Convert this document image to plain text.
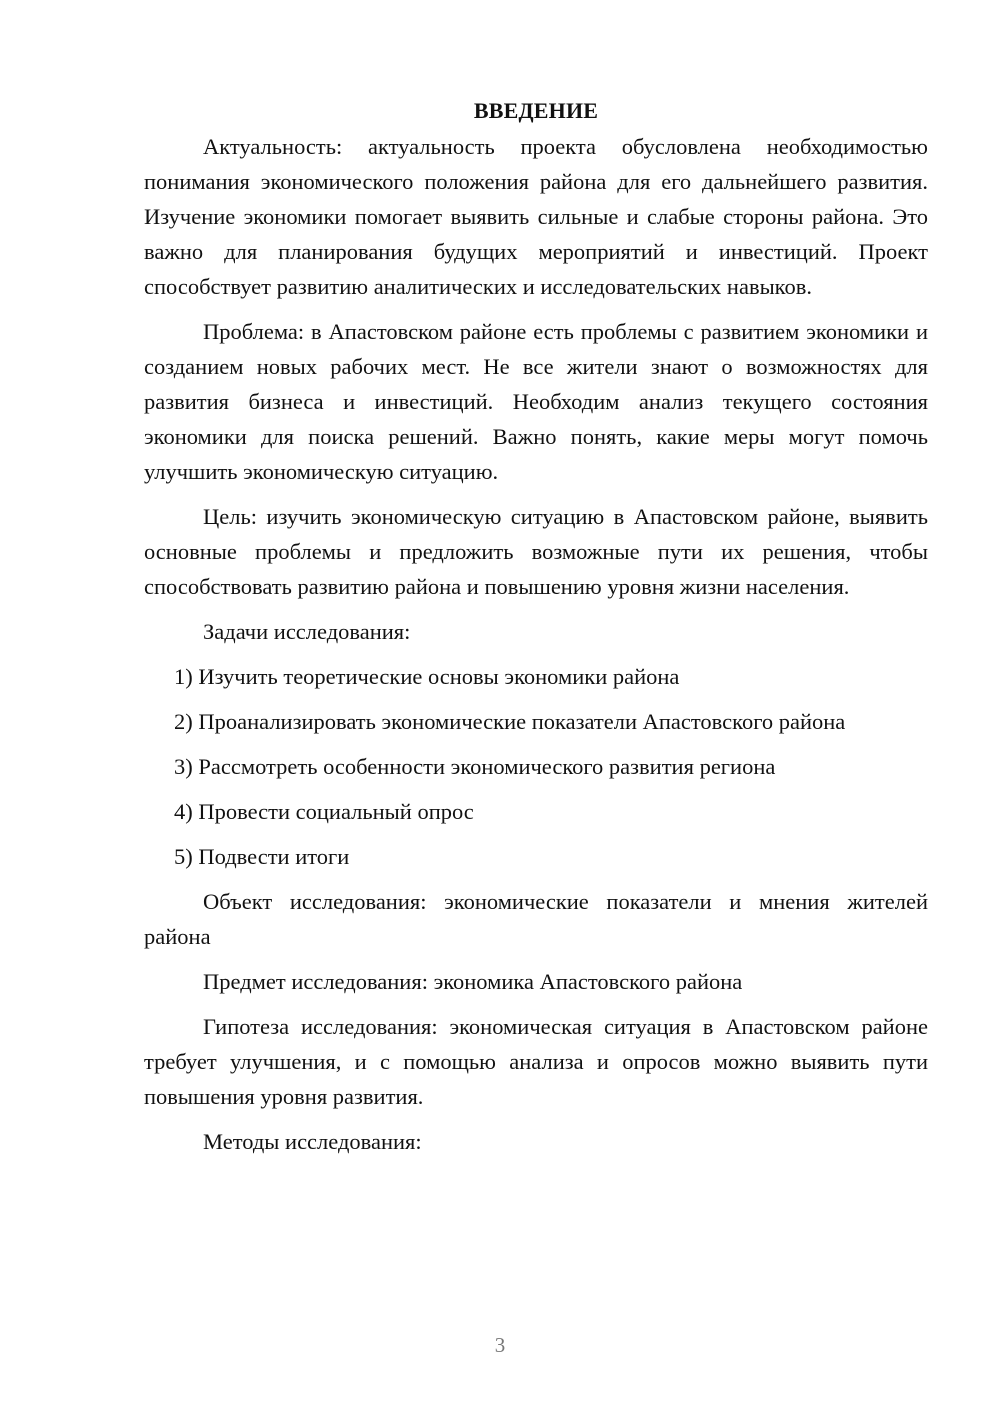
ВВЕДЕНИЕ

Актуальность: актуальность проекта обусловлена необходимостью понимания экономического положения района для его дальнейшего развития. Изучение экономики помогает выявить сильные и слабые стороны района. Это важно для планирования будущих мероприятий и инвестиций. Проект способствует развитию аналитических и исследовательских навыков.

Проблема: в Апастовском районе есть проблемы с развитием экономики и созданием новых рабочих мест. Не все жители знают о возможностях для развития бизнеса и инвестиций. Необходим анализ текущего состояния экономики для поиска решений. Важно понять, какие меры могут помочь улучшить экономическую ситуацию.

Цель: изучить экономическую ситуацию в Апастовском районе, выявить основные проблемы и предложить возможные пути их решения, чтобы способствовать развитию района и повышению уровня жизни населения.

Задачи исследования:

1) Изучить теоретические основы экономики района

2) Проанализировать экономические показатели Апастовского района

3) Рассмотреть особенности экономического развития региона

4) Провести социальный опрос

5) Подвести итоги

Объект исследования: экономические показатели и мнения жителей района

Предмет исследования: экономика Апастовского района

Гипотеза исследования: экономическая ситуация в Апастовском районе требует улучшения, и с помощью анализа и опросов можно выявить пути повышения уровня развития.

Методы исследования:

3
